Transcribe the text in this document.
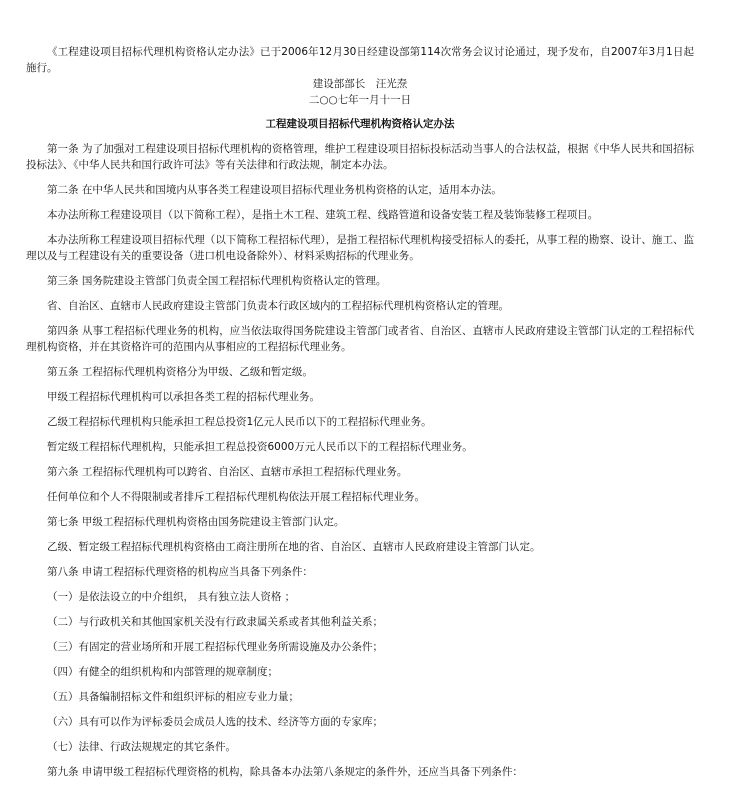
《工程建设项目招标代理机构资格认定办法》已于2006年12月30日经建设部第114次常务会议讨论通过，现予发布，自2007年3月1日起施行。

建设部部长　汪光焘

二○○七年一月十一日

工程建设项目招标代理机构资格认定办法

第一条 为了加强对工程建设项目招标代理机构的资格管理，维护工程建设项目招标投标活动当事人的合法权益，根据《中华人民共和国招标投标法》、《中华人民共和国行政许可法》等有关法律和行政法规，制定本办法。

第二条 在中华人民共和国境内从事各类工程建设项目招标代理业务机构资格的认定，适用本办法。

本办法所称工程建设项目（以下简称工程），是指土木工程、建筑工程、线路管道和设备安装工程及装饰装修工程项目。

本办法所称工程建设项目招标代理（以下简称工程招标代理），是指工程招标代理机构接受招标人的委托，从事工程的勘察、设计、施工、监理以及与工程建设有关的重要设备（进口机电设备除外）、材料采购招标的代理业务。

第三条 国务院建设主管部门负责全国工程招标代理机构资格认定的管理。

省、自治区、直辖市人民政府建设主管部门负责本行政区域内的工程招标代理机构资格认定的管理。

第四条 从事工程招标代理业务的机构，应当依法取得国务院建设主管部门或者省、自治区、直辖市人民政府建设主管部门认定的工程招标代理机构资格，并在其资格许可的范围内从事相应的工程招标代理业务。

第五条 工程招标代理机构资格分为甲级、乙级和暂定级。

甲级工程招标代理机构可以承担各类工程的招标代理业务。

乙级工程招标代理机构只能承担工程总投资1亿元人民币以下的工程招标代理业务。

暂定级工程招标代理机构，只能承担工程总投资6000万元人民币以下的工程招标代理业务。

第六条 工程招标代理机构可以跨省、自治区、直辖市承担工程招标代理业务。

任何单位和个人不得限制或者排斥工程招标代理机构依法开展工程招标代理业务。

第七条 甲级工程招标代理机构资格由国务院建设主管部门认定。

乙级、暂定级工程招标代理机构资格由工商注册所在地的省、自治区、直辖市人民政府建设主管部门认定。

第八条 申请工程招标代理资格的机构应当具备下列条件：

（一）是依法设立的中介组织， 具有独立法人资格 ；

（二）与行政机关和其他国家机关没有行政隶属关系或者其他利益关系；

（三）有固定的营业场所和开展工程招标代理业务所需设施及办公条件；

（四）有健全的组织机构和内部管理的规章制度；

（五）具备编制招标文件和组织评标的相应专业力量；

（六）具有可以作为评标委员会成员人选的技术、经济等方面的专家库；

（七）法律、行政法规规定的其它条件。

第九条 申请甲级工程招标代理资格的机构，除具备本办法第八条规定的条件外，还应当具备下列条件：
